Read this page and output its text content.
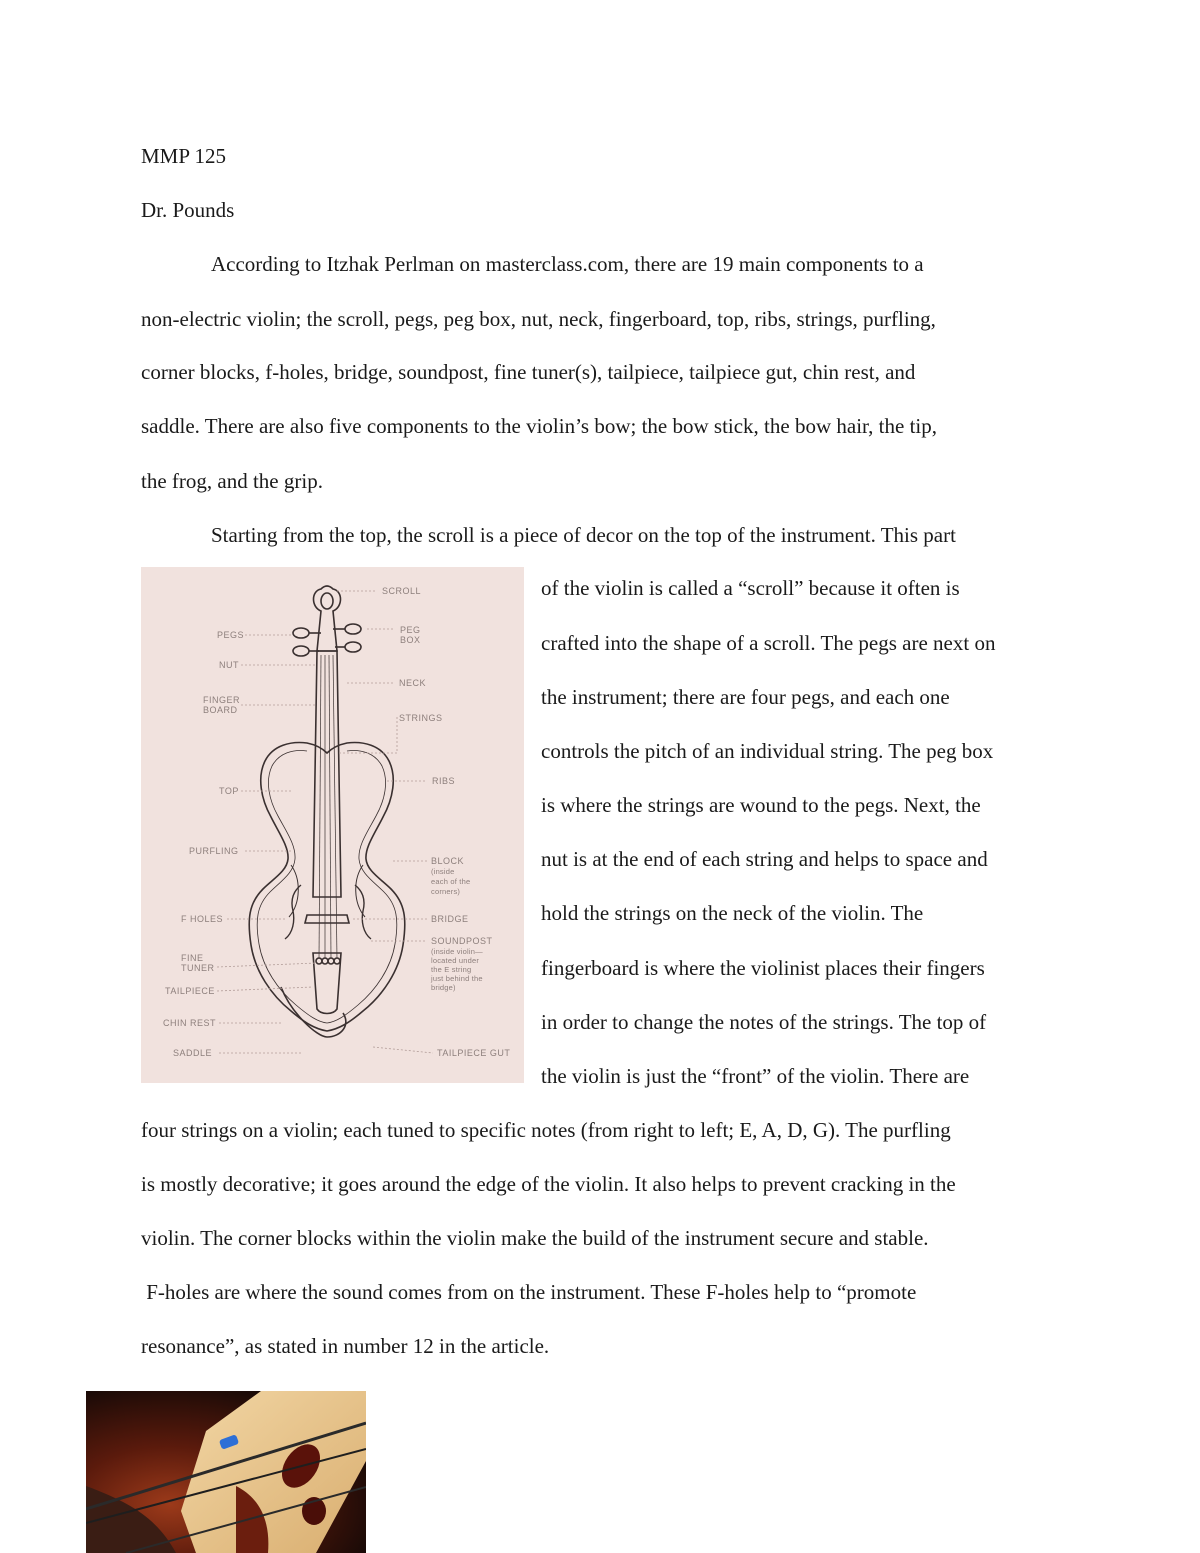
MMP 125
Dr. Pounds
According to Itzhak Perlman on masterclass.com, there are 19 main components to a
non-electric violin; the scroll, pegs, peg box, nut, neck, fingerboard, top, ribs, strings, purfling,
corner blocks, f-holes, bridge, soundpost, fine tuner(s), tailpiece, tailpiece gut, chin rest, and
saddle. There are also five components to the violin’s bow; the bow stick, the bow hair, the tip,
the frog, and the grip.
Starting from the top, the scroll is a piece of decor on the top of the instrument. This part
of the violin is called a “scroll” because it often is
crafted into the shape of a scroll. The pegs are next on
the instrument; there are four pegs, and each one
controls the pitch of an individual string. The peg box
is where the strings are wound to the pegs. Next, the
nut is at the end of each string and helps to space and
hold the strings on the neck of the violin. The
fingerboard is where the violinist places their fingers
in order to change the notes of the strings. The top of
the violin is just the “front” of the violin. There are
four strings on a violin; each tuned to specific notes (from right to left; E, A, D, G). The purfling
is mostly decorative; it goes around the edge of the violin. It also helps to prevent cracking in the
violin. The corner blocks within the violin make the build of the instrument secure and stable.
F-holes are where the sound comes from on the instrument. These F-holes help to “promote
resonance”, as stated in number 12 in the article.
SCROLL
PEGS	PEG
BOX
NUT
NECK
FINGER
BOARD
STRINGS
TOP
RIBS
PURFLING
BLOCK
(inside
each of the
corners)
F HOLES	BRIDGE
FINE
TUNER
SOUNDPOST
(inside violin—
located under
the E string
just behind the
bridge)
TAILPIECE
CHIN REST
SADDLE	TAILPIECE GUT
